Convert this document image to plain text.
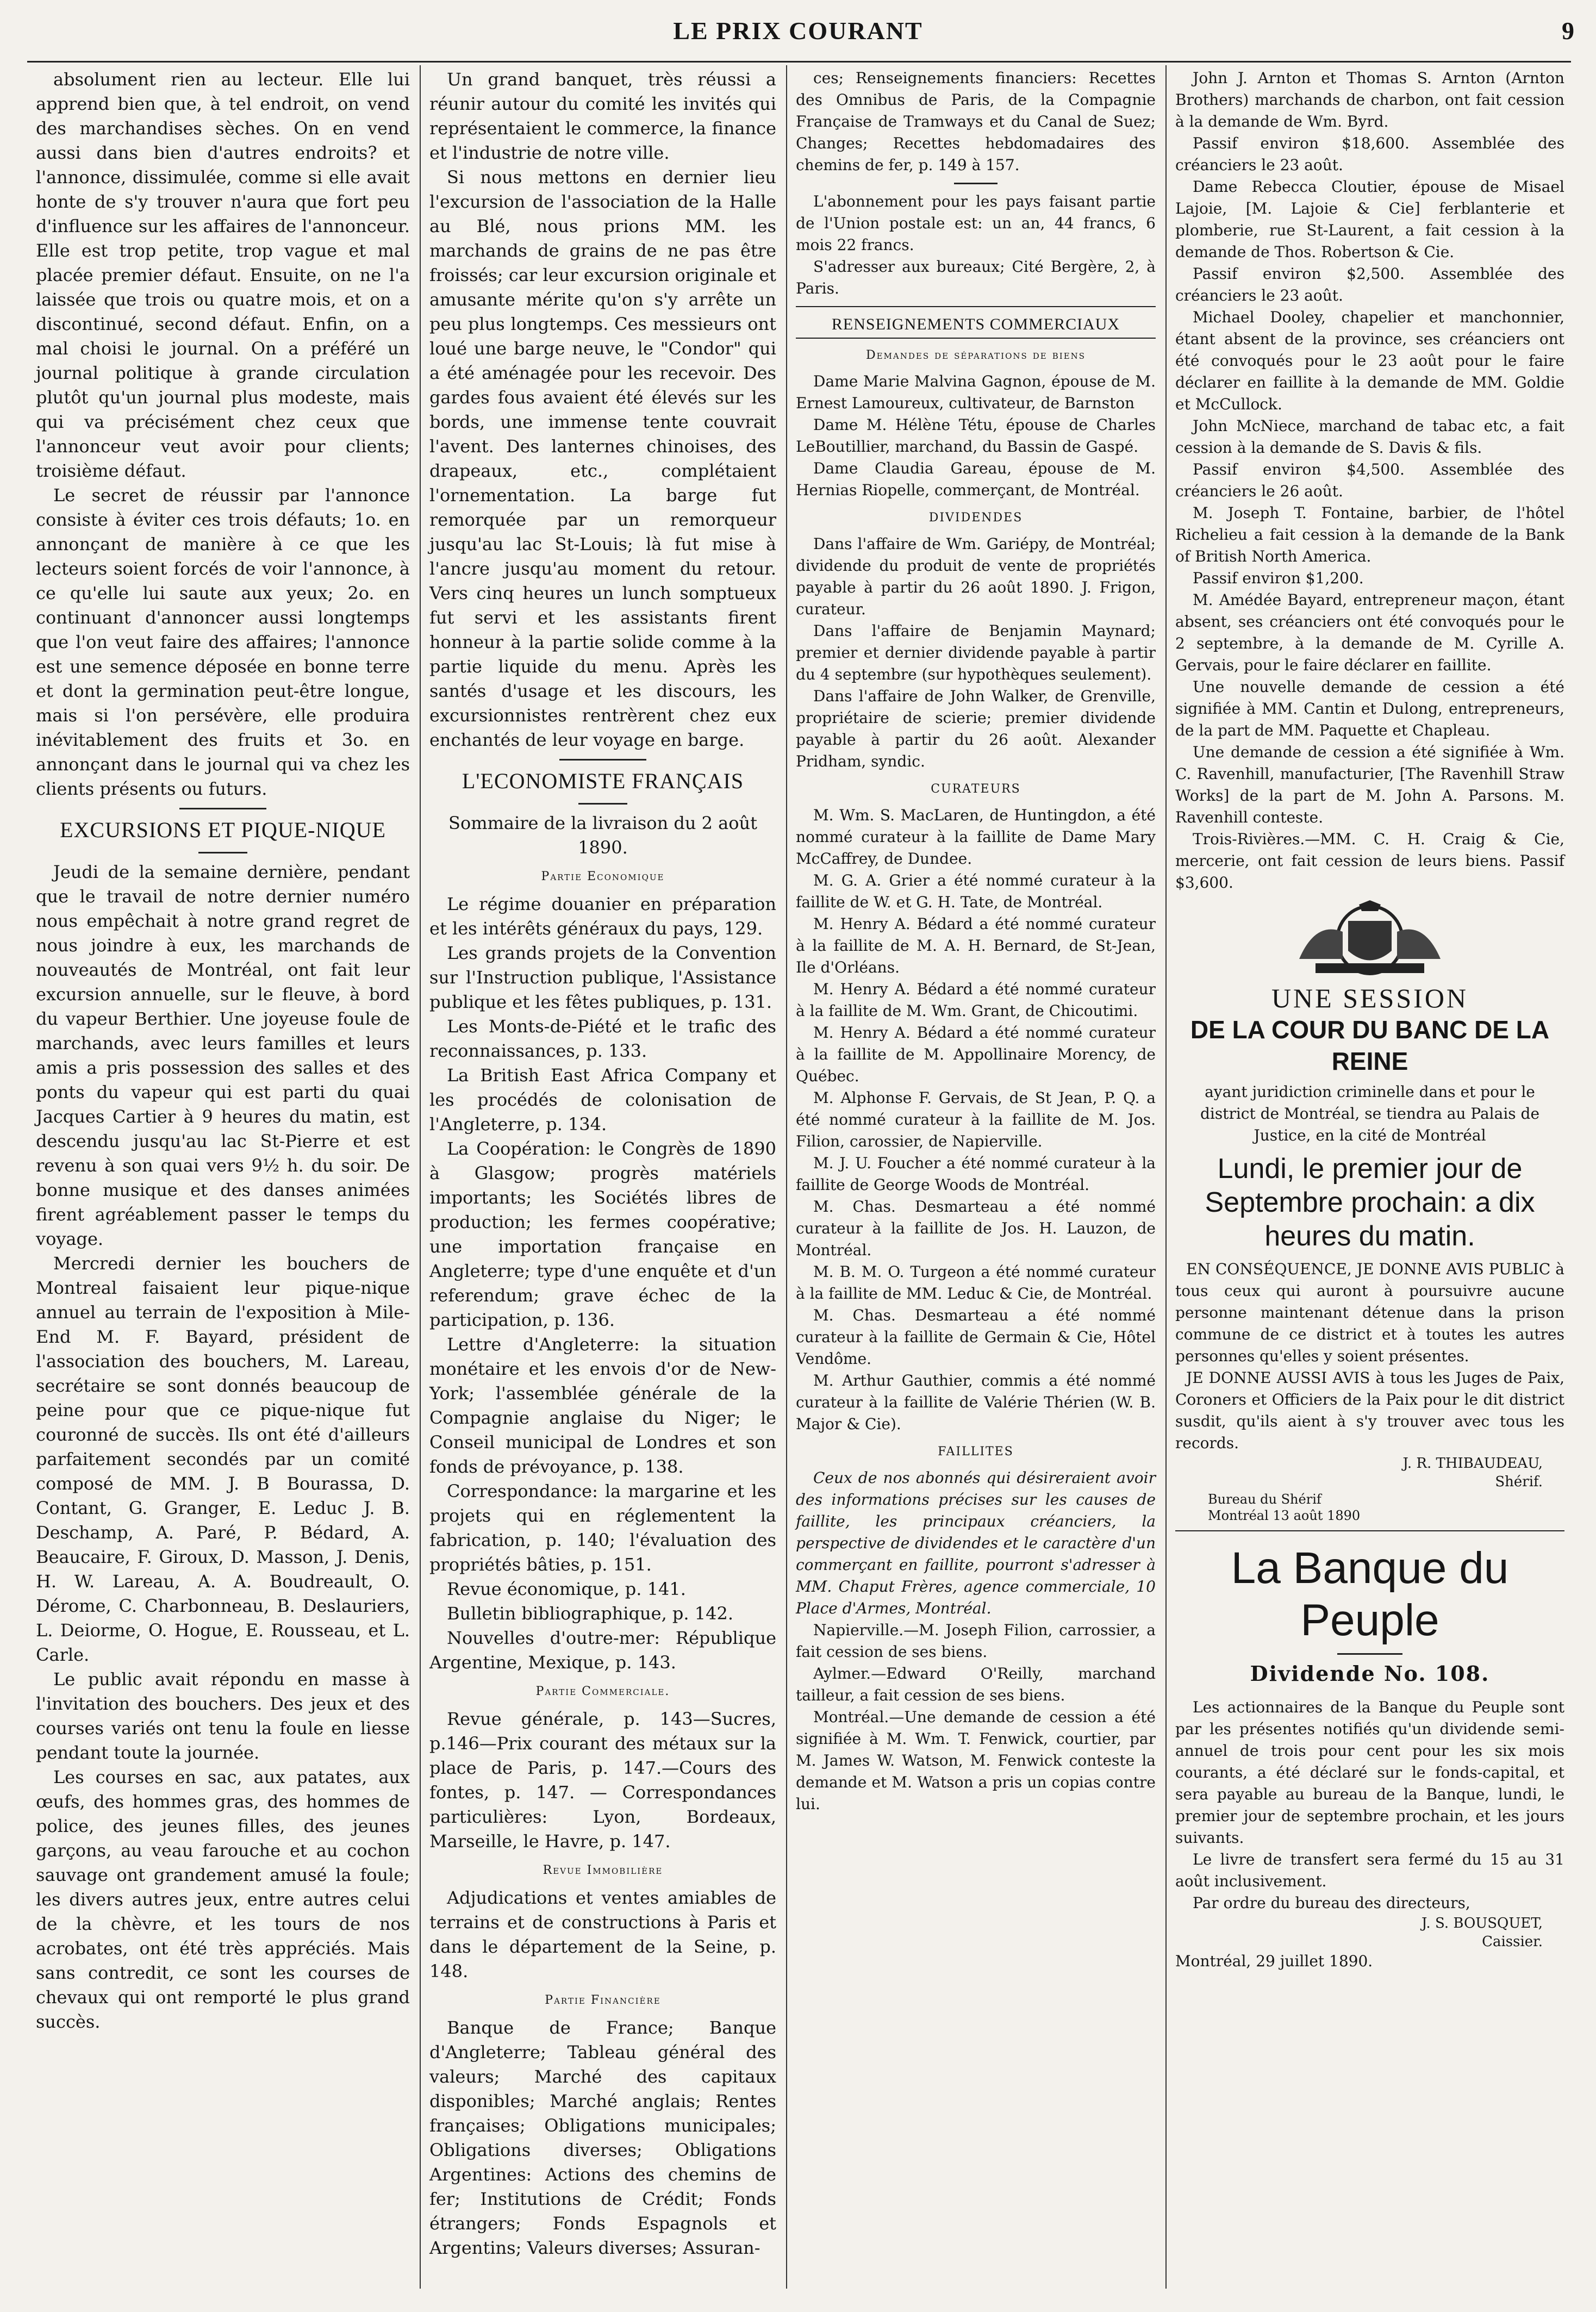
LE PRIX COURANT	9

absolument rien au lecteur. Elle lui apprend bien que, à tel endroit, on vend des marchandises sèches. On en vend aussi dans bien d'autres endroits? et l'annonce, dissimulée, comme si elle avait honte de s'y trouver n'aura que fort peu d'influence sur les affaires de l'annonceur. Elle est trop petite, trop vague et mal placée premier défaut. Ensuite, on ne l'a laissée que trois ou quatre mois, et on a discontinué, second défaut. Enfin, on a mal choisi le journal. On a préféré un journal politique à grande circulation plutôt qu'un journal plus modeste, mais qui va précisément chez ceux que l'annonceur veut avoir pour clients; troisième défaut.

Le secret de réussir par l'annonce consiste à éviter ces trois défauts; 1o. en annonçant de manière à ce que les lecteurs soient forcés de voir l'annonce, à ce qu'elle lui saute aux yeux; 2o. en continuant d'annoncer aussi longtemps que l'on veut faire des affaires; l'annonce est une semence déposée en bonne terre et dont la germination peut-être longue, mais si l'on persévère, elle produira inévitablement des fruits et 3o. en annonçant dans le journal qui va chez les clients présents ou futurs.

EXCURSIONS ET PIQUE-NIQUE

Jeudi de la semaine dernière, pendant que le travail de notre dernier numéro nous empêchait à notre grand regret de nous joindre à eux, les marchands de nouveautés de Montréal, ont fait leur excursion annuelle, sur le fleuve, à bord du vapeur Berthier. Une joyeuse foule de marchands, avec leurs familles et leurs amis a pris possession des salles et des ponts du vapeur qui est parti du quai Jacques Cartier à 9 heures du matin, est descendu jusqu'au lac St-Pierre et est revenu à son quai vers 9½ h. du soir. De bonne musique et des danses animées firent agréablement passer le temps du voyage.

Mercredi dernier les bouchers de Montreal faisaient leur pique-nique annuel au terrain de l'exposition à Mile-End M. F. Bayard, président de l'association des bouchers, M. Lareau, secrétaire se sont donnés beaucoup de peine pour que ce pique-nique fut couronné de succès. Ils ont été d'ailleurs parfaitement secondés par un comité composé de MM. J. B Bourassa, D. Contant, G. Granger, E. Leduc J. B. Deschamp, A. Paré, P. Bédard, A. Beaucaire, F. Giroux, D. Masson, J. Denis, H. W. Lareau, A. A. Boudreault, O. Dérome, C. Charbonneau, B. Deslauriers, L. Deiorme, O. Hogue, E. Rousseau, et L. Carle.

Le public avait répondu en masse à l'invitation des bouchers. Des jeux et des courses variés ont tenu la foule en liesse pendant toute la journée.

Les courses en sac, aux patates, aux œufs, des hommes gras, des hommes de police, des jeunes filles, des jeunes garçons, au veau farouche et au cochon sauvage ont grandement amusé la foule; les divers autres jeux, entre autres celui de la chèvre, et les tours de nos acrobates, ont été très appréciés. Mais sans contredit, ce sont les courses de chevaux qui ont remporté le plus grand succès.

Un grand banquet, très réussi a réunir autour du comité les invités qui représentaient le commerce, la finance et l'industrie de notre ville.

Si nous mettons en dernier lieu l'excursion de l'association de la Halle au Blé, nous prions MM. les marchands de grains de ne pas être froissés; car leur excursion originale et amusante mérite qu'on s'y arrête un peu plus longtemps. Ces messieurs ont loué une barge neuve, le "Condor" qui a été aménagée pour les recevoir. Des gardes fous avaient été élevés sur les bords, une immense tente couvrait l'avent. Des lanternes chinoises, des drapeaux, etc., complétaient l'ornementation. La barge fut remorquée par un remorqueur jusqu'au lac St-Louis; là fut mise à l'ancre jusqu'au moment du retour. Vers cinq heures un lunch somptueux fut servi et les assistants firent honneur à la partie solide comme à la partie liquide du menu. Après les santés d'usage et les discours, les excursionnistes rentrèrent chez eux enchantés de leur voyage en barge.

L'ECONOMISTE FRANÇAIS

Sommaire de la livraison du 2 août 1890.

Partie Economique

Le régime douanier en préparation et les intérêts généraux du pays, 129.

Les grands projets de la Convention sur l'Instruction publique, l'Assistance publique et les fêtes publiques, p. 131.

Les Monts-de-Piété et le trafic des reconnaissances, p. 133.

La British East Africa Company et les procédés de colonisation de l'Angleterre, p. 134.

La Coopération: le Congrès de 1890 à Glasgow; progrès matériels importants; les Sociétés libres de production; les fermes coopérative; une importation française en Angleterre; type d'une enquête et d'un referendum; grave échec de la participation, p. 136.

Lettre d'Angleterre: la situation monétaire et les envois d'or de New-York; l'assemblée générale de la Compagnie anglaise du Niger; le Conseil municipal de Londres et son fonds de prévoyance, p. 138.

Correspondance: la margarine et les projets qui en réglementent la fabrication, p. 140; l'évaluation des propriétés bâties, p. 151.

Revue économique, p. 141.

Bulletin bibliographique, p. 142.

Nouvelles d'outre-mer: République Argentine, Mexique, p. 143.

Partie Commerciale.

Revue générale, p. 143—Sucres, p.146—Prix courant des métaux sur la place de Paris, p. 147.—Cours des fontes, p. 147. — Correspondances particulières: Lyon, Bordeaux, Marseille, le Havre, p. 147.

Revue Immobilière

Adjudications et ventes amiables de terrains et de constructions à Paris et dans le département de la Seine, p. 148.

Partie Financière

Banque de France; Banque d'Angleterre; Tableau général des valeurs; Marché des capitaux disponibles; Marché anglais; Rentes françaises; Obligations municipales; Obligations diverses; Obligations Argentines: Actions des chemins de fer; Institutions de Crédit; Fonds étrangers; Fonds Espagnols et Argentins; Valeurs diverses; Assuran-

ces; Renseignements financiers: Recettes des Omnibus de Paris, de la Compagnie Française de Tramways et du Canal de Suez; Changes; Recettes hebdomadaires des chemins de fer, p. 149 à 157.

L'abonnement pour les pays faisant partie de l'Union postale est: un an, 44 francs, 6 mois 22 francs.

S'adresser aux bureaux; Cité Bergère, 2, à Paris.

RENSEIGNEMENTS COMMERCIAUX
Demandes de séparations de biens

Dame Marie Malvina Gagnon, épouse de M. Ernest Lamoureux, cultivateur, de Barnston

Dame M. Hélène Tétu, épouse de Charles LeBoutillier, marchand, du Bassin de Gaspé.

Dame Claudia Gareau, épouse de M. Hernias Riopelle, commerçant, de Montréal.

DIVIDENDES

Dans l'affaire de Wm. Gariépy, de Montréal; dividende du produit de vente de propriétés payable à partir du 26 août 1890. J. Frigon, curateur.

Dans l'affaire de Benjamin Maynard; premier et dernier dividende payable à partir du 4 septembre (sur hypothèques seulement).

Dans l'affaire de John Walker, de Grenville, propriétaire de scierie; premier dividende payable à partir du 26 août. Alexander Pridham, syndic.

CURATEURS

M. Wm. S. MacLaren, de Huntingdon, a été nommé curateur à la faillite de Dame Mary McCaffrey, de Dundee.

M. G. A. Grier a été nommé curateur à la faillite de W. et G. H. Tate, de Montréal.

M. Henry A. Bédard a été nommé curateur à la faillite de M. A. H. Bernard, de St-Jean, Ile d'Orléans.

M. Henry A. Bédard a été nommé curateur à la faillite de M. Wm. Grant, de Chicoutimi.

M. Henry A. Bédard a été nommé curateur à la faillite de M. Appollinaire Morency, de Québec.

M. Alphonse F. Gervais, de St Jean, P. Q. a été nommé curateur à la faillite de M. Jos. Filion, carossier, de Napierville.

M. J. U. Foucher a été nommé curateur à la faillite de George Woods de Montréal.

M. Chas. Desmarteau a été nommé curateur à la faillite de Jos. H. Lauzon, de Montréal.

M. B. M. O. Turgeon a été nommé curateur à la faillite de MM. Leduc & Cie, de Montréal.

M. Chas. Desmarteau a été nommé curateur à la faillite de Germain & Cie, Hôtel Vendôme.

M. Arthur Gauthier, commis a été nommé curateur à la faillite de Valérie Thérien (W. B. Major & Cie).

FAILLITES

Ceux de nos abonnés qui désireraient avoir des informations précises sur les causes de faillite, les principaux créanciers, la perspective de dividendes et le caractère d'un commerçant en faillite, pourront s'adresser à MM. Chaput Frères, agence commerciale, 10 Place d'Armes, Montréal.

Napierville.—M. Joseph Filion, carrossier, a fait cession de ses biens.

Aylmer.—Edward O'Reilly, marchand tailleur, a fait cession de ses biens.

Montréal.—Une demande de cession a été signifiée à M. Wm. T. Fenwick, courtier, par M. James W. Watson, M. Fenwick conteste la demande et M. Watson a pris un copias contre lui.

John J. Arnton et Thomas S. Arnton (Arnton Brothers) marchands de charbon, ont fait cession à la demande de Wm. Byrd.

Passif environ $18,600. Assemblée des créanciers le 23 août.

Dame Rebecca Cloutier, épouse de Misael Lajoie, [M. Lajoie & Cie] ferblanterie et plomberie, rue St-Laurent, a fait cession à la demande de Thos. Robertson & Cie.

Passif environ $2,500. Assemblée des créanciers le 23 août.

Michael Dooley, chapelier et manchonnier, étant absent de la province, ses créanciers ont été convoqués pour le 23 août pour le faire déclarer en faillite à la demande de MM. Goldie et McCullock.

John McNiece, marchand de tabac etc, a fait cession à la demande de S. Davis & fils.

Passif environ $4,500. Assemblée des créanciers le 26 août.

M. Joseph T. Fontaine, barbier, de l'hôtel Richelieu a fait cession à la demande de la Bank of British North America.

Passif environ $1,200.

M. Amédée Bayard, entrepreneur maçon, étant absent, ses créanciers ont été convoqués pour le 2 septembre, à la demande de M. Cyrille A. Gervais, pour le faire déclarer en faillite.

Une nouvelle demande de cession a été signifiée à MM. Cantin et Dulong, entrepreneurs, de la part de MM. Paquette et Chapleau.

Une demande de cession a été signifiée à Wm. C. Ravenhill, manufacturier, [The Ravenhill Straw Works] de la part de M. John A. Parsons. M. Ravenhill conteste.

Trois-Rivières.—MM. C. H. Craig & Cie, mercerie, ont fait cession de leurs biens. Passif $3,600.

UNE SESSION
DE LA COUR DU BANC DE LA REINE

ayant juridiction criminelle dans et pour le district de Montréal, se tiendra au Palais de Justice, en la cité de Montréal

Lundi, le premier jour de Septembre prochain: a dix heures du matin.

EN CONSÉQUENCE, JE DONNE AVIS PUBLIC à tous ceux qui auront à poursuivre aucune personne maintenant détenue dans la prison commune de ce district et à toutes les autres personnes qu'elles y soient présentes.

JE DONNE AUSSI AVIS à tous les Juges de Paix, Coroners et Officiers de la Paix pour le dit district susdit, qu'ils aient à s'y trouver avec tous les records.

J. R. THIBAUDEAU,
Shérif.
Bureau du Shérif
Montréal 13 août 1890
La Banque du Peuple
Dividende No. 108.

Les actionnaires de la Banque du Peuple sont par les présentes notifiés qu'un dividende semi-annuel de trois pour cent pour les six mois courants, a été déclaré sur le fonds-capital, et sera payable au bureau de la Banque, lundi, le premier jour de septembre prochain, et les jours suivants.

Le livre de transfert sera fermé du 15 au 31 août inclusivement.

Par ordre du bureau des directeurs,

J. S. BOUSQUET,
Caissier.
Montréal, 29 juillet 1890.
